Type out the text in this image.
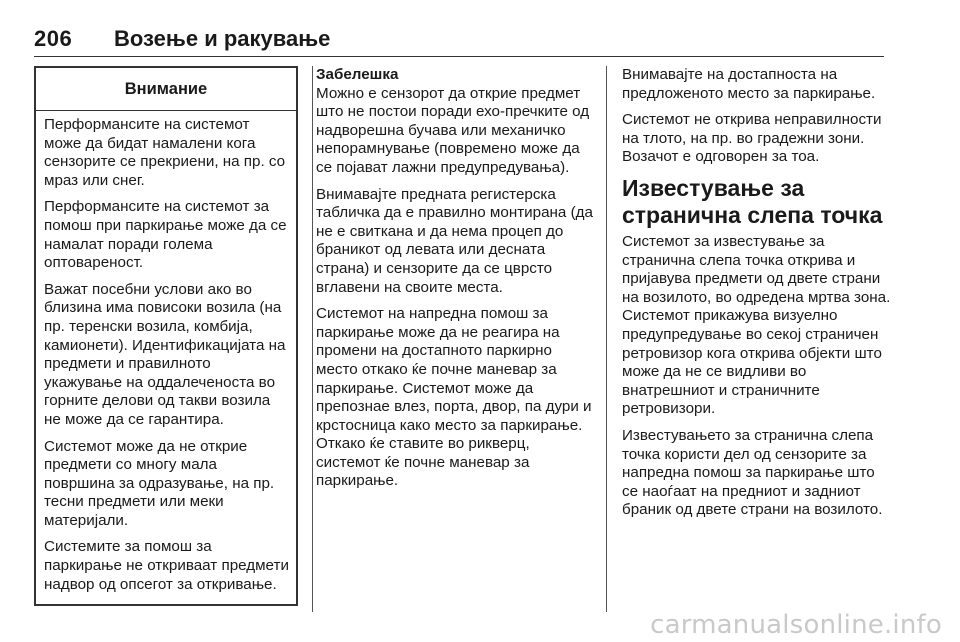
206 Возење и ракување
Внимание

Перформансите на системот може да бидат намалени кога сензорите се прекриени, на пр. со мраз или снег.

Перформансите на системот за помош при паркирање може да се намалат поради голема оптовареност.

Важат посебни услови ако во близина има повисоки возила (на пр. теренски возила, комбија, камионети). Идентификацијата на предмети и правилното укажување на оддалеченоста во горните делови од такви возила не може да се гарантира.

Системот може да не открие предмети со многу мала површина за одразување, на пр. тесни предмети или меки материјали.

Системите за помош за паркирање не откриваат предмети надвор од опсегот за откривање.

Забелешка

Можно е сензорот да открие предмет што не постои поради ехо-пречките од надворешна бучава или механичко непорамнување (повремено може да се појават лажни предупредувања).

Внимавајте предната регистерска табличка да е правилно монтирана (да не е свиткана и да нема процеп до браникот од левата или десната страна) и сензорите да се цврсто вглавени на своите места.

Системот на напредна помош за паркирање може да не реагира на промени на достапното паркирно место откако ќе почне маневар за паркирање. Системот може да препознае влез, порта, двор, па дури и крстосница како место за паркирање. Откако ќе ставите во рикверц, системот ќе почне маневар за паркирање.

Внимавајте на достапноста на предложеното место за паркирање.

Системот не открива неправилности на тлото, на пр. во градежни зони. Возачот е одговорен за тоа.

Известување за странична слепа точка

Системот за известување за странична слепа точка открива и пријавува предмети од двете страни на возилото, во одредена мртва зона. Системот прикажува визуелно предупредување во секој страничен ретровизор кога открива објекти што може да не се видливи во внатрешниот и страничните ретровизори.

Известувањето за странична слепа точка користи дел од сензорите за напредна помош за паркирање што се наоѓаат на предниот и задниот браник од двете страни на возилото.

carmanualsonline.info
